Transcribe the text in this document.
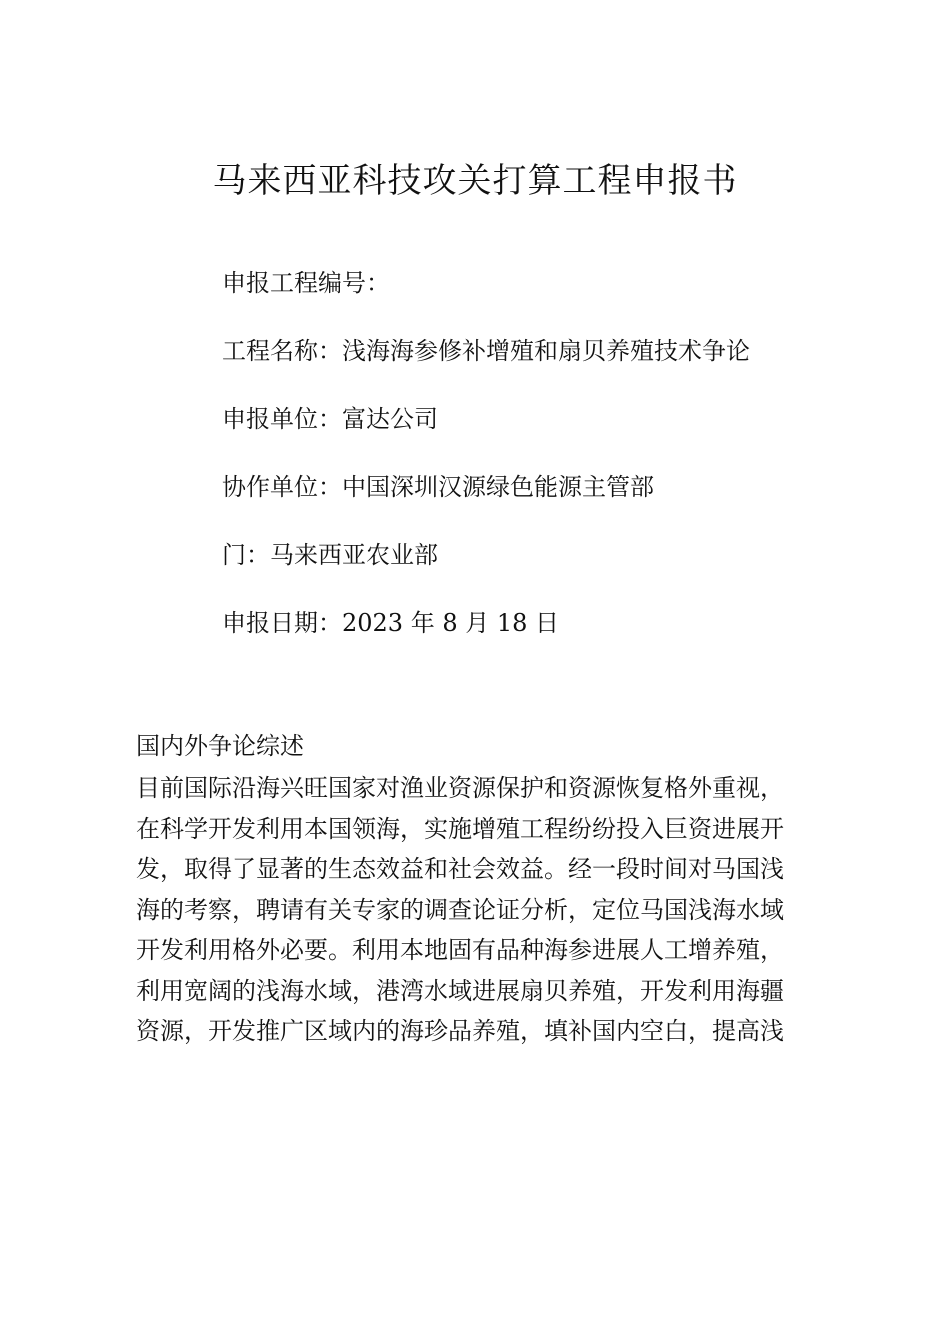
马来西亚科技攻关打算工程申报书

申报工程编号：

工程名称：浅海海参修补增殖和扇贝养殖技术争论

申报单位：富达公司

协作单位：中国深圳汉源绿色能源主管部

门：马来西亚农业部

申报日期：2023 年 8 月 18 日

国内外争论综述

目前国际沿海兴旺国家对渔业资源保护和资源恢复格外重视，

在科学开发利用本国领海，实施增殖工程纷纷投入巨资进展开

发，取得了显著的生态效益和社会效益。经一段时间对马国浅

海的考察，聘请有关专家的调查论证分析，定位马国浅海水域

开发利用格外必要。利用本地固有品种海参进展人工增养殖，

利用宽阔的浅海水域，港湾水域进展扇贝养殖，开发利用海疆

资源，开发推广区域内的海珍品养殖，填补国内空白，提高浅
